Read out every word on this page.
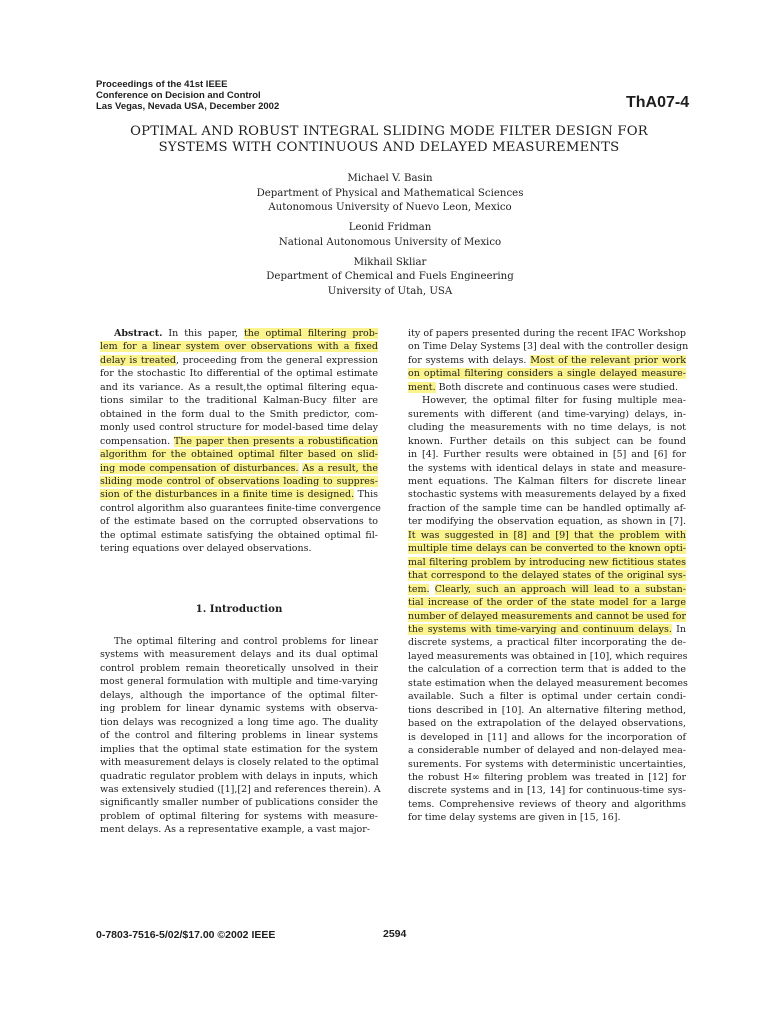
Proceedings of the 41st IEEE
Conference on Decision and Control
Las Vegas, Nevada USA, December 2002	ThA07-4
OPTIMAL AND ROBUST INTEGRAL SLIDING MODE FILTER DESIGN FOR
SYSTEMS WITH CONTINUOUS AND DELAYED MEASUREMENTS
Michael V. Basin
Department of Physical and Mathematical Sciences
Autonomous University of Nuevo Leon, Mexico
Leonid Fridman
National Autonomous University of Mexico
Mikhail Skliar
Department of Chemical and Fuels Engineering
University of Utah, USA
Abstract. In this paper, the optimal filtering prob-
lem for a linear system over observations with a fixed
delay is treated, proceeding from the general expression
for the stochastic Ito differential of the optimal estimate
and its variance. As a result,the optimal filtering equa-
tions similar to the traditional Kalman-Bucy filter are
obtained in the form dual to the Smith predictor, com-
monly used control structure for model-based time delay
compensation. The paper then presents a robustification
algorithm for the obtained optimal filter based on slid-
ing mode compensation of disturbances. As a result, the
sliding mode control of observations loading to suppres-
sion of the disturbances in a finite time is designed. This
control algorithm also guarantees finite-time convergence
of the estimate based on the corrupted observations to
the optimal estimate satisfying the obtained optimal fil-
tering equations over delayed observations.
1. Introduction
The optimal filtering and control problems for linear
systems with measurement delays and its dual optimal
control problem remain theoretically unsolved in their
most general formulation with multiple and time-varying
delays, although the importance of the optimal filter-
ing problem for linear dynamic systems with observa-
tion delays was recognized a long time ago. The duality
of the control and filtering problems in linear systems
implies that the optimal state estimation for the system
with measurement delays is closely related to the optimal
quadratic regulator problem with delays in inputs, which
was extensively studied ([1],[2] and references therein). A
significantly smaller number of publications consider the
problem of optimal filtering for systems with measure-
ment delays. As a representative example, a vast major-
ity of papers presented during the recent IFAC Workshop
on Time Delay Systems [3] deal with the controller design
for systems with delays. Most of the relevant prior work
on optimal filtering considers a single delayed measure-
ment. Both discrete and continuous cases were studied.
However, the optimal filter for fusing multiple mea-
surements with different (and time-varying) delays, in-
cluding the measurements with no time delays, is not
known. Further details on this subject can be found
in [4]. Further results were obtained in [5] and [6] for
the systems with identical delays in state and measure-
ment equations. The Kalman filters for discrete linear
stochastic systems with measurements delayed by a fixed
fraction of the sample time can be handled optimally af-
ter modifying the observation equation, as shown in [7].
It was suggested in [8] and [9] that the problem with
multiple time delays can be converted to the known opti-
mal filtering problem by introducing new fictitious states
that correspond to the delayed states of the original sys-
tem. Clearly, such an approach will lead to a substan-
tial increase of the order of the state model for a large
number of delayed measurements and cannot be used for
the systems with time-varying and continuum delays. In
discrete systems, a practical filter incorporating the de-
layed measurements was obtained in [10], which requires
the calculation of a correction term that is added to the
state estimation when the delayed measurement becomes
available. Such a filter is optimal under certain condi-
tions described in [10]. An alternative filtering method,
based on the extrapolation of the delayed observations,
is developed in [11] and allows for the incorporation of
a considerable number of delayed and non-delayed mea-
surements. For systems with deterministic uncertainties,
the robust H∞ filtering problem was treated in [12] for
discrete systems and in [13, 14] for continuous-time sys-
tems. Comprehensive reviews of theory and algorithms
for time delay systems are given in [15, 16].
0-7803-7516-5/02/$17.00 ©2002 IEEE	2594
